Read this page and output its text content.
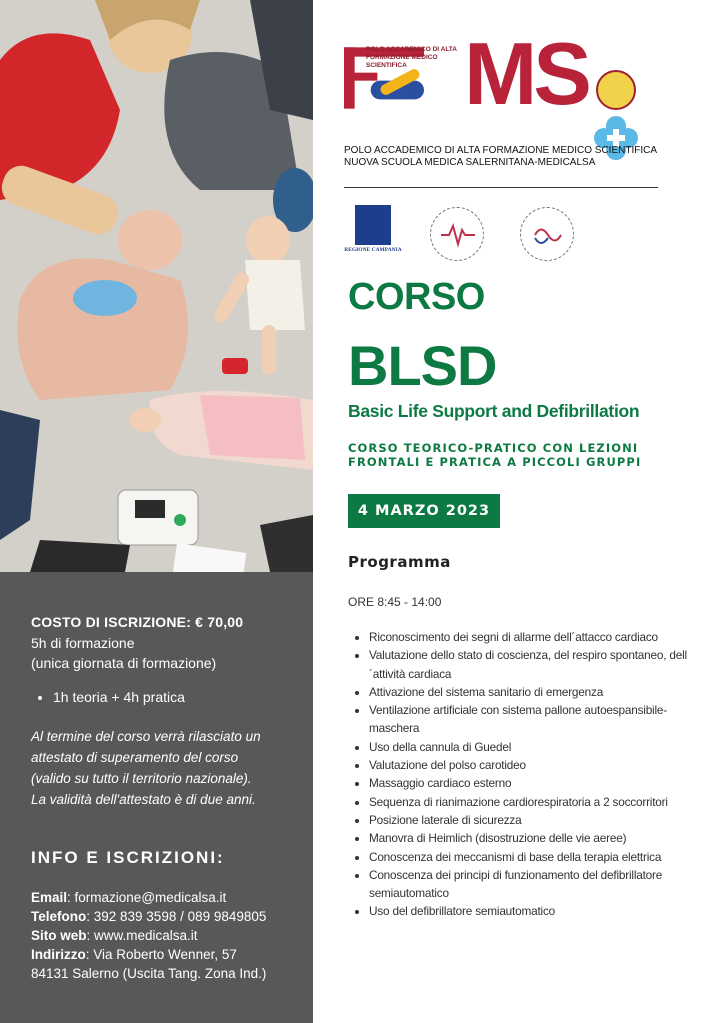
COSTO DI ISCRIZIONE: € 70,00
5h di formazione
(unica giornata di formazione)
• 1h teoria + 4h pratica
Al termine del corso verrà rilasciato un
attestato di superamento del corso
(valido su tutto il territorio nazionale).
La validità dell'attestato è di due anni.
INFO E ISCRIZIONI:
Email: formazione@medicalsa.it
Telefono: 392 839 3598 / 089 9849805
Sito web: www.medicalsa.it
Indirizzo: Via Roberto Wenner, 57
84131 Salerno (Uscita Tang. Zona Ind.)
POLO ACCADEMICO DI ALTA
FORMAZIONE MEDICO
SCIENTIFICA MS
POLO ACCADEMICO DI ALTA FORMAZIONE MEDICO SCIENTIFICA
NUOVA SCUOLA MEDICA SALERNITANA-MEDICALSA
REGIONE CAMPANIA
CORSO
BLSD
Basic Life Support and Defibrillation
CORSO TEORICO-PRATICO CON LEZIONI
FRONTALI E PRATICA A PICCOLI GRUPPI
4 MARZO 2023
Programma
ORE 8:45 - 14:00
• Riconoscimento dei segni di allarme dell´attacco cardiaco
• Valutazione dello stato di coscienza, del respiro spontaneo, dell ´attività cardiaca
• Attivazione del sistema sanitario di emergenza
• Ventilazione artificiale con sistema pallone autoespansibile-maschera
• Uso della cannula di Guedel
• Valutazione del polso carotideo
• Massaggio cardiaco esterno
• Sequenza di rianimazione cardiorespiratoria a 2 soccorritori
• Posizione laterale di sicurezza
• Manovra di Heimlich (disostruzione delle vie aeree)
• Conoscenza dei meccanismi di base della terapia elettrica
• Conoscenza dei principi di funzionamento del defibrillatore semiautomatico
• Uso del defibrillatore semiautomatico
